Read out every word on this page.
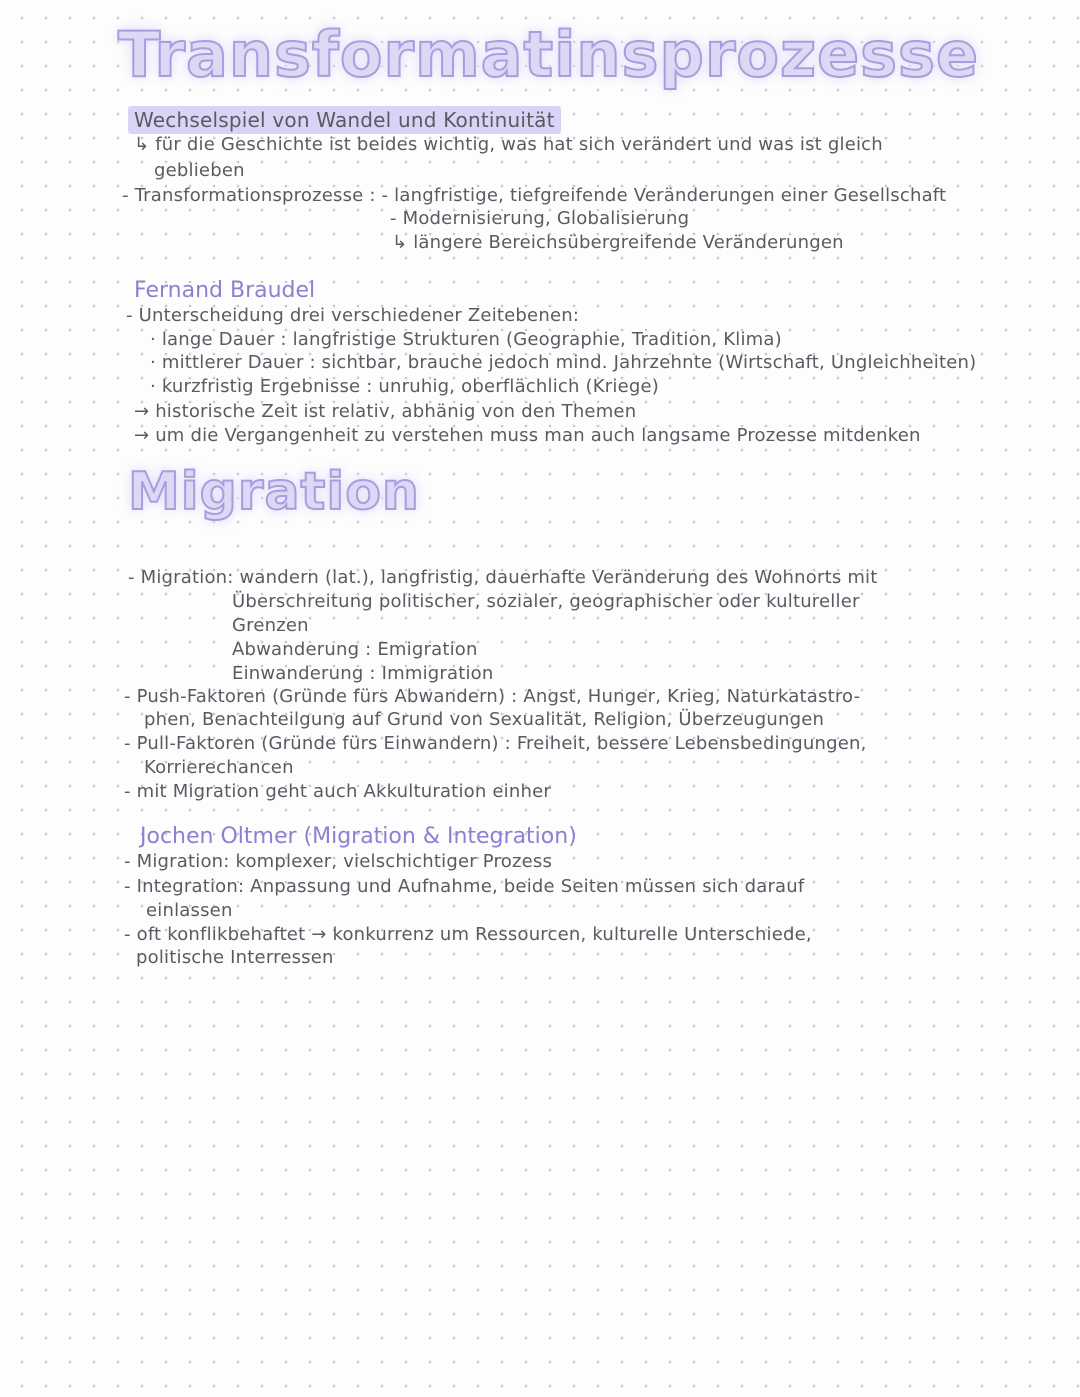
Transformatinsprozesse
Wechselspiel von Wandel und Kontinuität
↳ für die Geschichte ist beides wichtig, was hat sich verändert und was ist gleich
geblieben
- Transformationsprozesse : - langfristige, tiefgreifende Veränderungen einer Gesellschaft
- Modernisierung, Globalisierung
↳ längere Bereichsübergreifende Veränderungen
Fernand Braudel
- Unterscheidung drei verschiedener Zeitebenen:
· lange Dauer : langfristige Strukturen (Geographie, Tradition, Klima)
· mittlerer Dauer : sichtbar, brauche jedoch mind. Jahrzehnte (Wirtschaft, Ungleichheiten)
· kurzfristig Ergebnisse : unruhig, oberflächlich (Kriege)
→ historische Zeit ist relativ, abhänig von den Themen
→ um die Vergangenheit zu verstehen muss man auch langsame Prozesse mitdenken
Migration
- Migration: wandern (lat.), langfristig, dauerhafte Veränderung des Wohnorts mit
Überschreitung politischer, sozialer, geographischer oder kultureller
Grenzen
Abwanderung : Emigration
Einwanderung : Immigration
- Push-Faktoren (Gründe fürs Abwandern) : Angst, Hunger, Krieg, Naturkatastro-
phen, Benachteilgung auf Grund von Sexualität, Religion, Überzeugungen
- Pull-Faktoren (Gründe fürs Einwandern) : Freiheit, bessere Lebensbedingungen,
Korrierechancen
- mit Migration geht auch Akkulturation einher
Jochen Oltmer (Migration & Integration)
- Migration: komplexer, vielschichtiger Prozess
- Integration: Anpassung und Aufnahme, beide Seiten müssen sich darauf
einlassen
- oft konflikbehaftet → konkurrenz um Ressourcen, kulturelle Unterschiede,
politische Interressen
